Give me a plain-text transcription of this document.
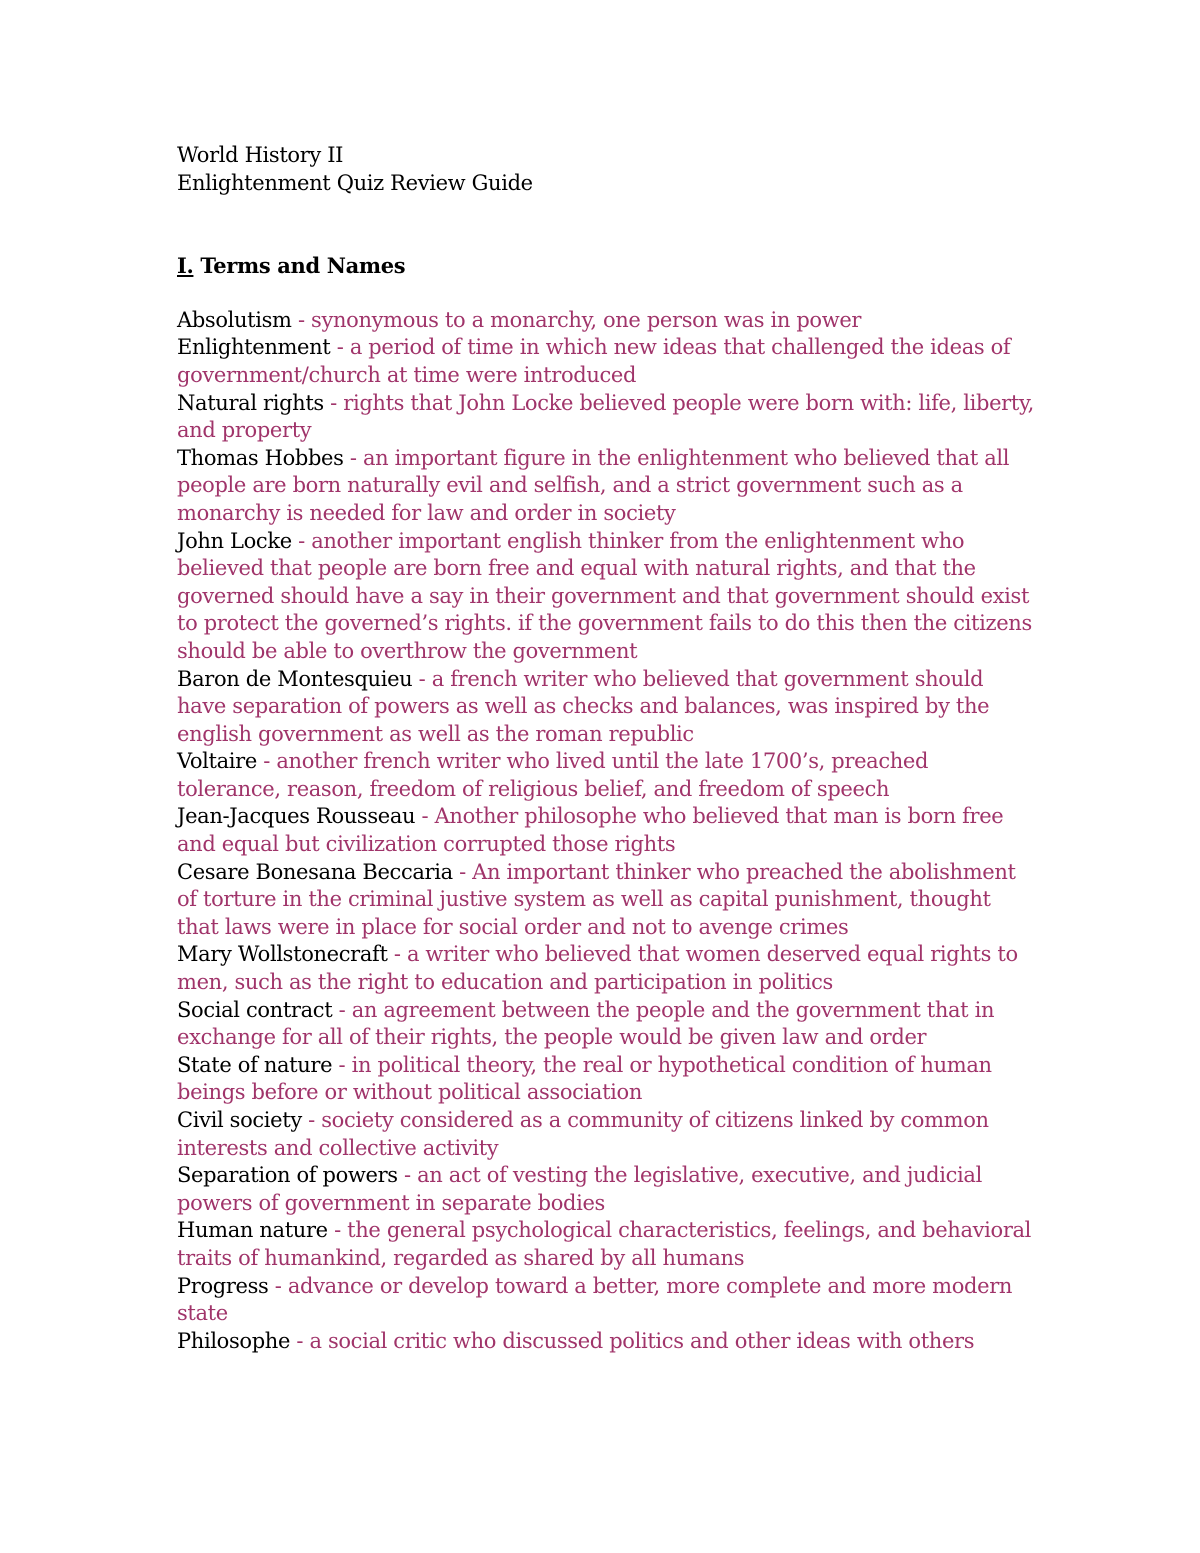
World History II
Enlightenment Quiz Review Guide
I. Terms and Names
Absolutism - synonymous to a monarchy, one person was in power
Enlightenment - a period of time in which new ideas that challenged the ideas of government/church at time were introduced
Natural rights - rights that John Locke believed people were born with: life, liberty, and property
Thomas Hobbes - an important figure in the enlightenment who believed that all people are born naturally evil and selfish, and a strict government such as a monarchy is needed for law and order in society
John Locke - another important english thinker from the enlightenment who believed that people are born free and equal with natural rights, and that the governed should have a say in their government and that government should exist to protect the governed’s rights. if the government fails to do this then the citizens should be able to overthrow the government
Baron de Montesquieu - a french writer who believed that government should have separation of powers as well as checks and balances, was inspired by the english government as well as the roman republic
Voltaire - another french writer who lived until the late 1700’s, preached tolerance, reason, freedom of religious belief, and freedom of speech
Jean-Jacques Rousseau - Another philosophe who believed that man is born free and equal but civilization corrupted those rights
Cesare Bonesana Beccaria - An important thinker who preached the abolishment of torture in the criminal justive system as well as capital punishment, thought that laws were in place for social order and not to avenge crimes
Mary Wollstonecraft - a writer who believed that women deserved equal rights to men, such as the right to education and participation in politics
Social contract - an agreement between the people and the government that in exchange for all of their rights, the people would be given law and order
State of nature - in political theory, the real or hypothetical condition of human beings before or without political association
Civil society - society considered as a community of citizens linked by common interests and collective activity
Separation of powers - an act of vesting the legislative, executive, and judicial powers of government in separate bodies
Human nature - the general psychological characteristics, feelings, and behavioral traits of humankind, regarded as shared by all humans
Progress - advance or develop toward a better, more complete and more modern state
Philosophe - a social critic who discussed politics and other ideas with others
